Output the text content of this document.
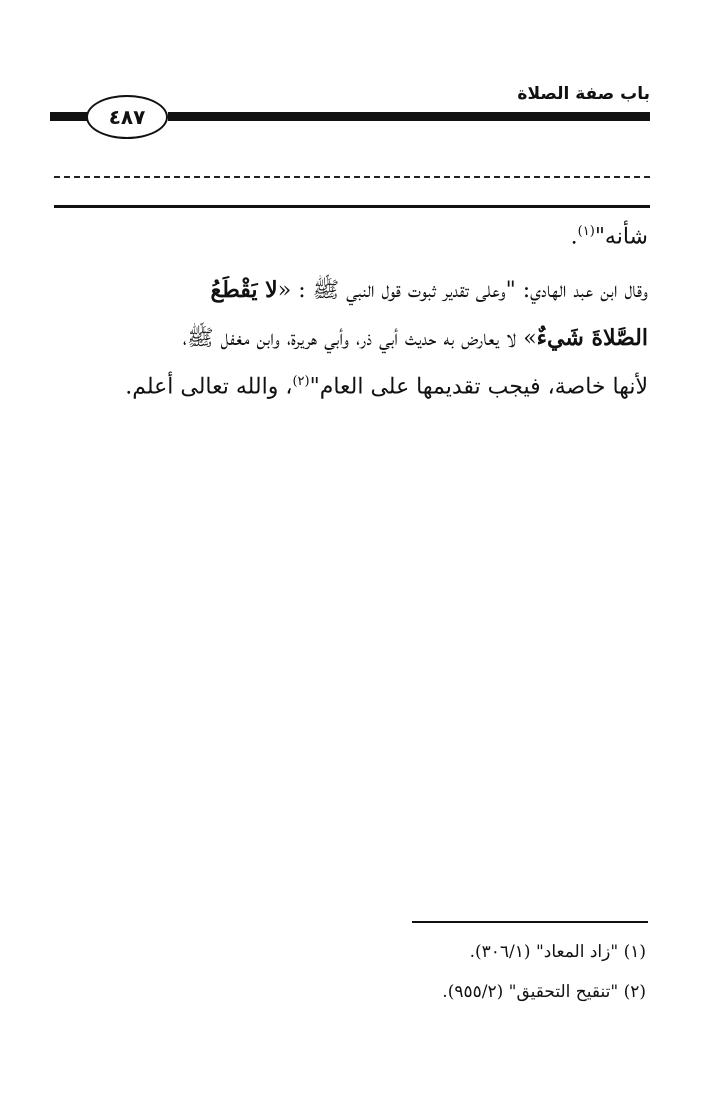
باب صفة الصلاة
٤٨٧
شأنه"$^{(١)}$.
وقال ابن عبد الهادي: "وعلى تقدير ثبوت قول النبي ﷺ : «لا يَقْطَعُ
الصَّلاةَ شَيءٌ» لا يعارض به حديث أبي ذر، وأبي هريرة، وابن مغفل ﷺ،
لأنها خاصة، فيجب تقديمها على العام"$^{(٢)}$، والله تعالى أعلم.
(١) "زاد المعاد" (٣٠٦/١).
(٢) "تنقيح التحقيق" (٩٥٥/٢).
